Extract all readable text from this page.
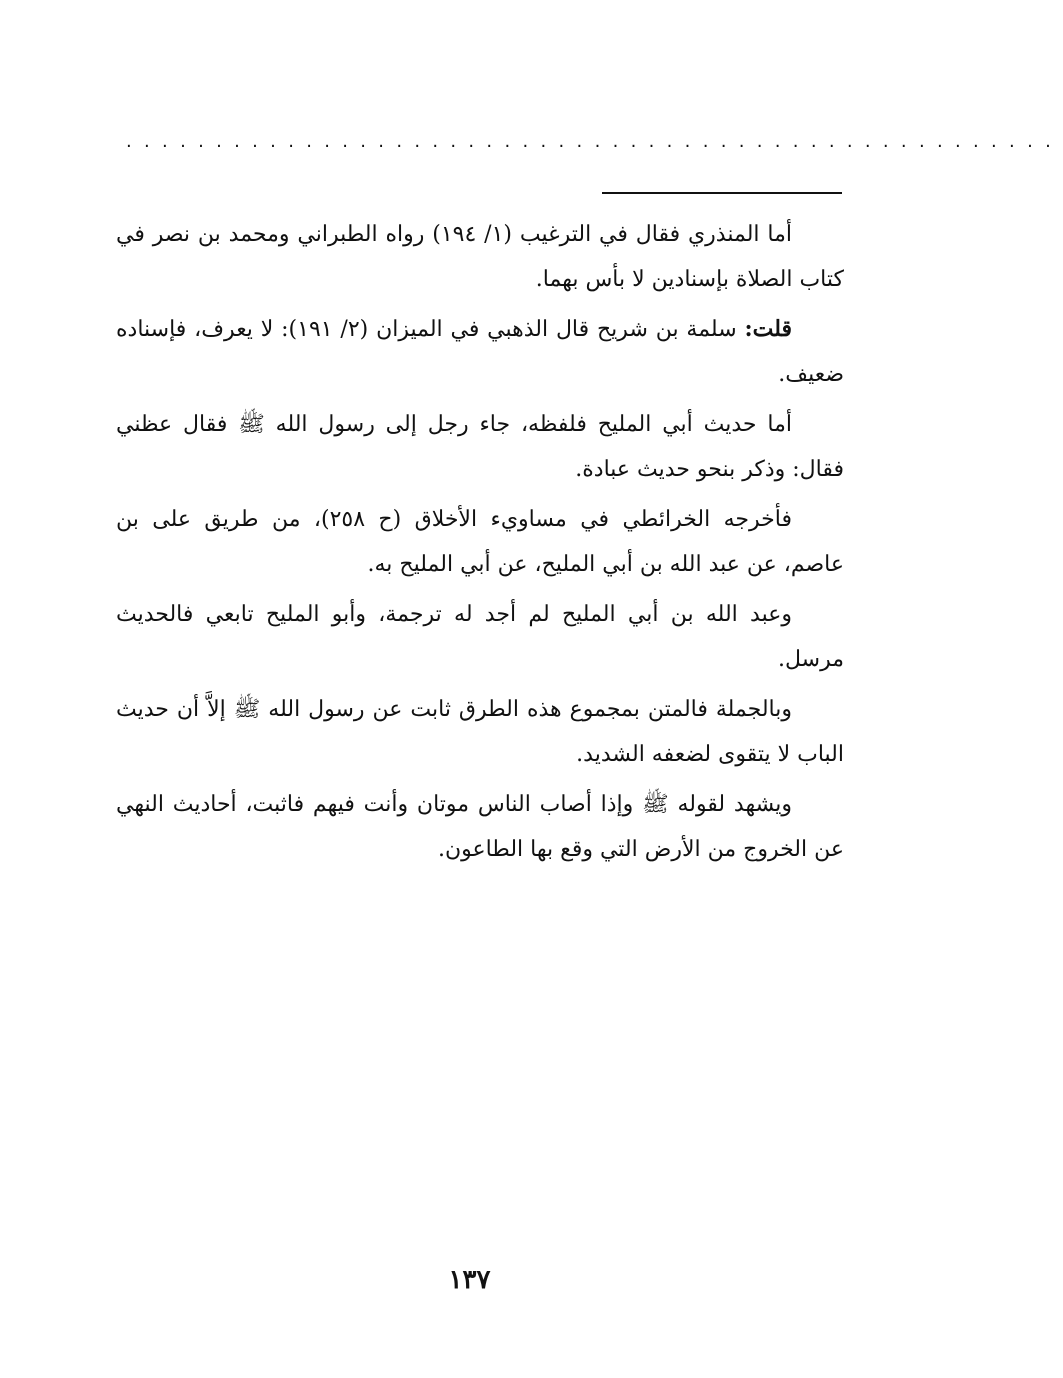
....................................................

أما المنذري فقال في الترغيب (١/ ١٩٤) رواه الطبراني ومحمد بن نصر في كتاب الصلاة بإسنادين لا بأس بهما.

قلت: سلمة بن شريح قال الذهبي في الميزان (٢/ ١٩١): لا يعرف، فإسناده ضعيف.

أما حديث أبي المليح فلفظه، جاء رجل إلى رسول الله ﷺ فقال عظني فقال: وذكر بنحو حديث عبادة.

فأخرجه الخرائطي في مساويء الأخلاق (ح ٢٥٨)، من طريق على بن عاصم، عن عبد الله بن أبي المليح، عن أبي المليح به.

وعبد الله بن أبي المليح لم أجد له ترجمة، وأبو المليح تابعي فالحديث مرسل.

وبالجملة فالمتن بمجموع هذه الطرق ثابت عن رسول الله ﷺ إلاَّ أن حديث الباب لا يتقوى لضعفه الشديد.

ويشهد لقوله ﷺ وإذا أصاب الناس موتان وأنت فيهم فاثبت، أحاديث النهي عن الخروج من الأرض التي وقع بها الطاعون.

١٣٧
